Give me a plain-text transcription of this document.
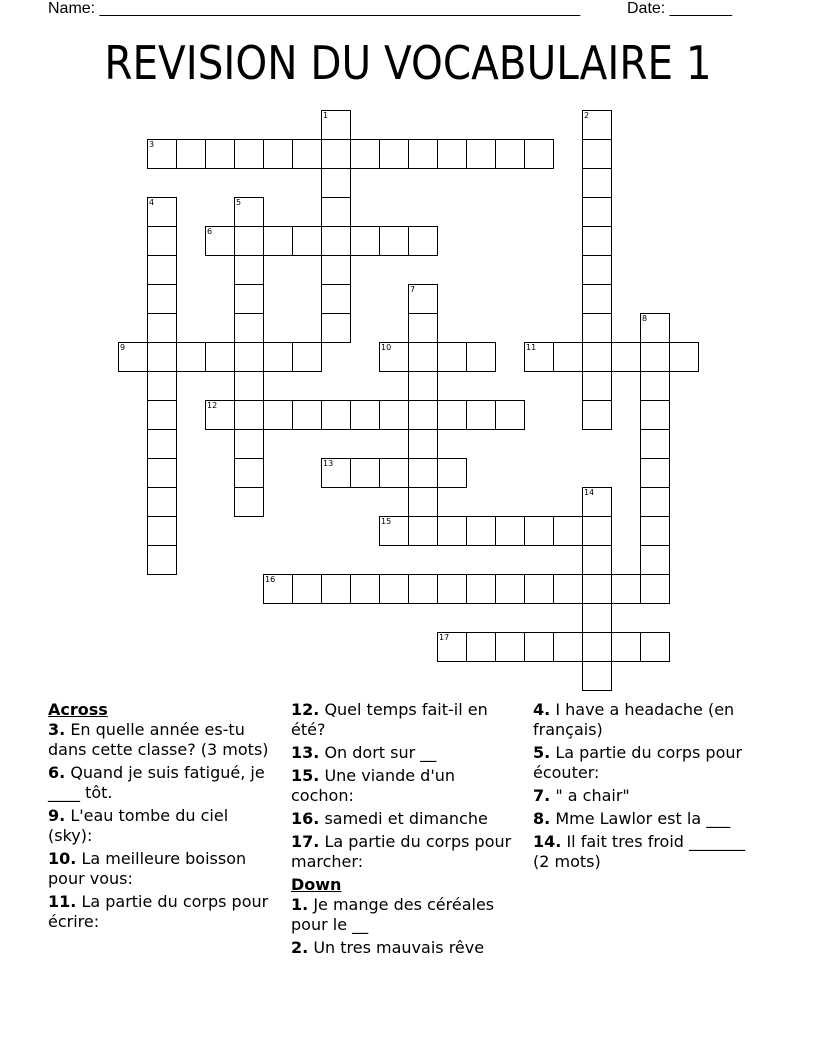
Name: ______________________________________________________

	Date: _______

REVISION DU VOCABULAIRE 1
1	2
3
4	5
6
7
8
9	10	11
12
13
14
15
16
17
Across
3. En quelle année es-tu dans cette classe? (3 mots)
6. Quand je suis fatigué, je ____ tôt.
9. L'eau tombe du ciel (sky):
10. La meilleure boisson pour vous:
11. La partie du corps pour écrire:
12. Quel temps fait-il en été?
13. On dort sur __
15. Une viande d'un cochon:
16. samedi et dimanche
17. La partie du corps pour marcher:
Down
1. Je mange des céréales pour le __
2. Un tres mauvais rêve
4. I have a headache (en français)
5. La partie du corps pour écouter:
7. " a chair"
8. Mme Lawlor est la ___
14. Il fait tres froid _______ (2 mots)
